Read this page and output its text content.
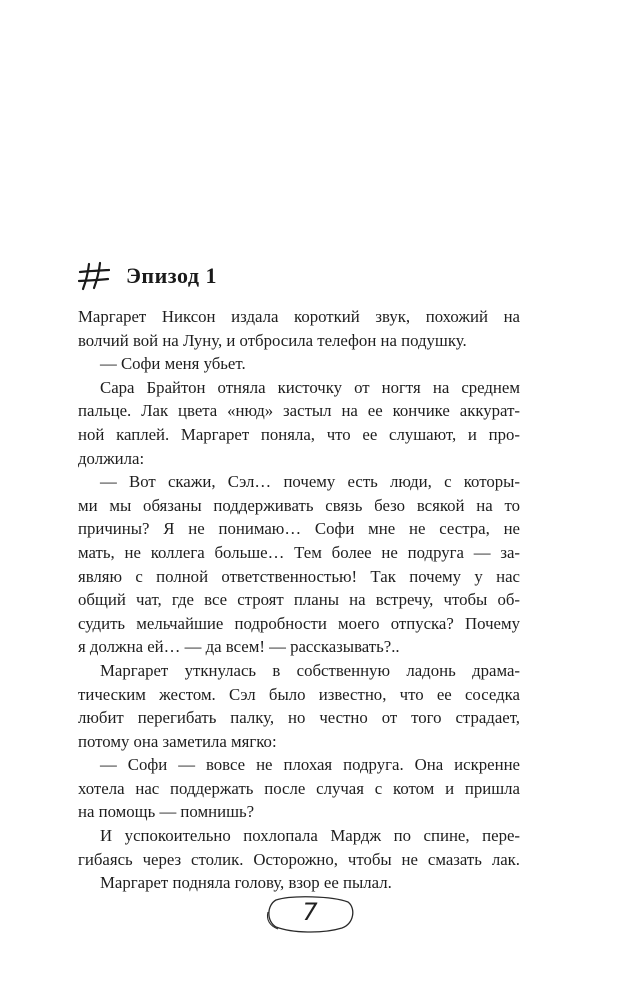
Эпизод 1

Маргарет Никсон издала короткий звук, похожий на

волчий вой на Луну, и отбросила телефон на подушку.

— Софи меня убьет.

Сара Брайтон отняла кисточку от ногтя на среднем

пальце. Лак цвета «нюд» застыл на ее кончике аккурат-

ной каплей. Маргарет поняла, что ее слушают, и про-

должила:

— Вот скажи, Сэл… почему есть люди, с которы-

ми мы обязаны поддерживать связь безо всякой на то

причины? Я не понимаю… Софи мне не сестра, не

мать, не коллега больше… Тем более не подруга — за-

являю с полной ответственностью! Так почему у нас

общий чат, где все строят планы на встречу, чтобы об-

судить мельчайшие подробности моего отпуска? Почему

я должна ей… — да всем! — рассказывать?..

Маргарет уткнулась в собственную ладонь драма-

тическим жестом. Сэл было известно, что ее соседка

любит перегибать палку, но честно от того страдает,

потому она заметила мягко:

— Софи — вовсе не плохая подруга. Она искренне

хотела нас поддержать после случая с котом и пришла

на помощь — помнишь?

И успокоительно похлопала Мардж по спине, пере-

гибаясь через столик. Осторожно, чтобы не смазать лак.

Маргарет подняла голову, взор ее пылал.

7
